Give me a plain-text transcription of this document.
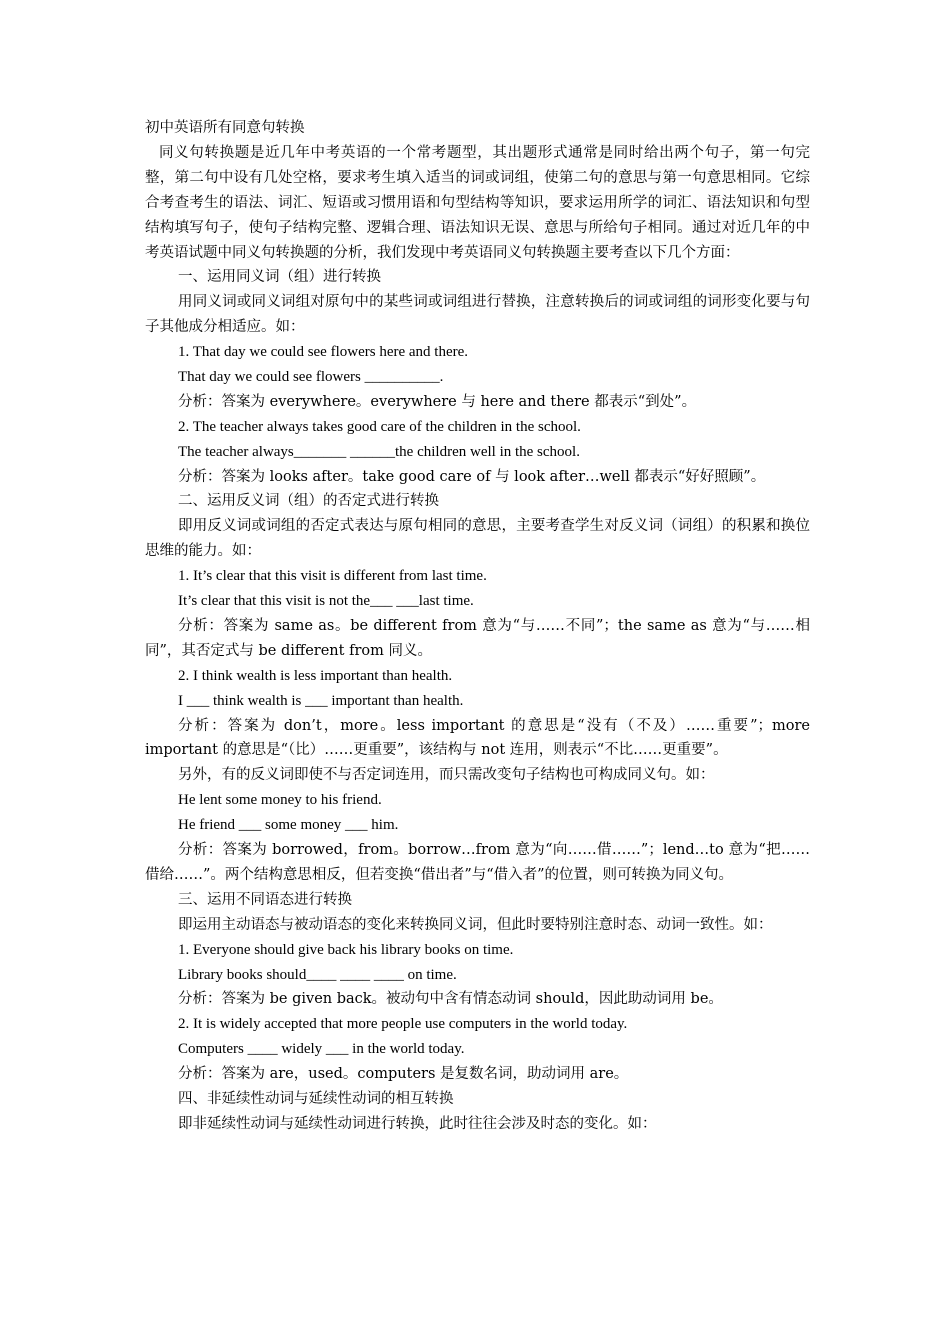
初中英语所有同意句转换
同义句转换题是近几年中考英语的一个常考题型，其出题形式通常是同时给出两个句子，第一句完整，第二句中设有几处空格，要求考生填入适当的词或词组，使第二句的意思与第一句意思相同。它综合考查考生的语法、词汇、短语或习惯用语和句型结构等知识，要求运用所学的词汇、语法知识和句型结构填写句子，使句子结构完整、逻辑合理、语法知识无误、意思与所给句子相同。通过对近几年的中考英语试题中同义句转换题的分析，我们发现中考英语同义句转换题主要考查以下几个方面：
一、运用同义词（组）进行转换
用同义词或同义词组对原句中的某些词或词组进行替换，注意转换后的词或词组的词形变化要与句子其他成分相适应。如：
1. That day we could see flowers here and there.
That day we could see flowers __________.
分析：答案为 everywhere。everywhere 与 here and there 都表示“到处”。
2. The teacher always takes good care of the children in the school.
The teacher always_______ ______the children well in the school.
分析：答案为 looks after。take good care of 与 look after…well 都表示“好好照顾”。
二、运用反义词（组）的否定式进行转换
即用反义词或词组的否定式表达与原句相同的意思，主要考查学生对反义词（词组）的积累和换位思维的能力。如：
1. It’s clear that this visit is different from last time.
It’s clear that this visit is not the___ ___last time.
分析：答案为 same as。be different from 意为“与……不同”；the same as 意为“与……相同”，其否定式与 be different from 同义。
2. I think wealth is less important than health.
I ___ think wealth is ___ important than health.
分析：答案为 don’t，more。less important 的意思是“没有（不及）……重要”；more important 的意思是“（比）……更重要”，该结构与 not 连用，则表示“不比……更重要”。
另外，有的反义词即使不与否定词连用，而只需改变句子结构也可构成同义句。如：
He lent some money to his friend.
He friend ___ some money ___ him.
分析：答案为 borrowed，from。borrow…from 意为“向……借……”；lend…to 意为“把……借给……”。两个结构意思相反，但若变换“借出者”与“借入者”的位置，则可转换为同义句。
三、运用不同语态进行转换
即运用主动语态与被动语态的变化来转换同义词，但此时要特别注意时态、动词一致性。如：
1. Everyone should give back his library books on time.
Library books should____ ____ ____ on time.
分析：答案为 be given back。被动句中含有情态动词 should，因此助动词用 be。
2. It is widely accepted that more people use computers in the world today.
Computers ____ widely ___ in the world today.
分析：答案为 are，used。computers 是复数名词，助动词用 are。
四、非延续性动词与延续性动词的相互转换
即非延续性动词与延续性动词进行转换，此时往往会涉及时态的变化。如：
